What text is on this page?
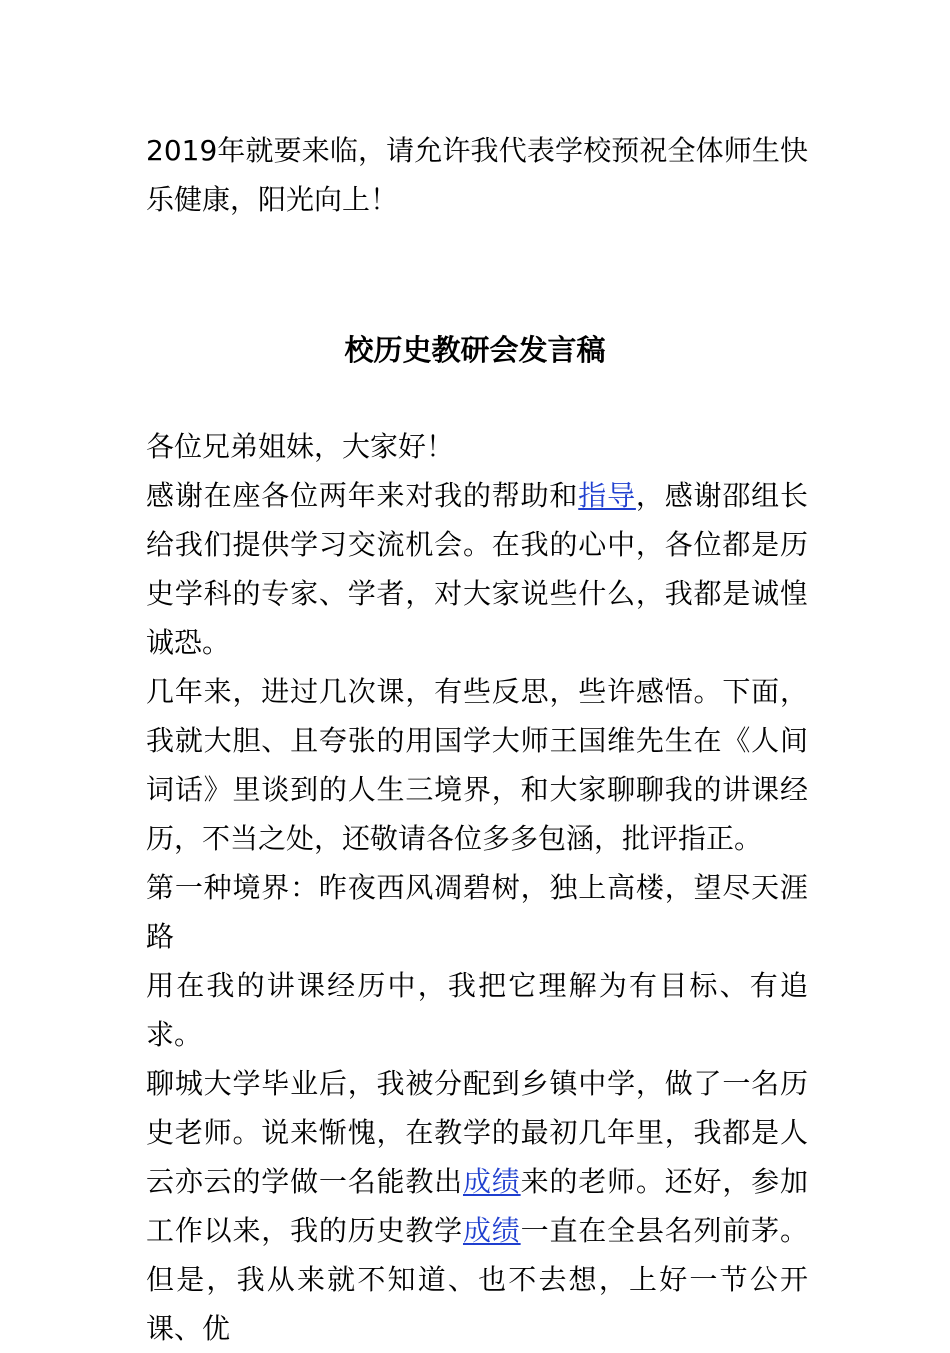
2019年就要来临，请允许我代表学校预祝全体师生快乐健康，阳光向上！

校历史教研会发言稿

各位兄弟姐妹，大家好！

感谢在座各位两年来对我的帮助和指导，感谢邵组长给我们提供学习交流机会。在我的心中，各位都是历史学科的专家、学者，对大家说些什么，我都是诚惶诚恐。

几年来，进过几次课，有些反思，些许感悟。下面，我就大胆、且夸张的用国学大师王国维先生在《人间词话》里谈到的人生三境界，和大家聊聊我的讲课经历，不当之处，还敬请各位多多包涵，批评指正。

第一种境界：昨夜西风凋碧树，独上高楼，望尽天涯路

用在我的讲课经历中，我把它理解为有目标、有追求。

聊城大学毕业后，我被分配到乡镇中学，做了一名历史老师。说来惭愧，在教学的最初几年里，我都是人云亦云的学做一名能教出成绩来的老师。还好，参加工作以来，我的历史教学成绩一直在全县名列前茅。但是，我从来就不知道、也不去想，上好一节公开课、优
